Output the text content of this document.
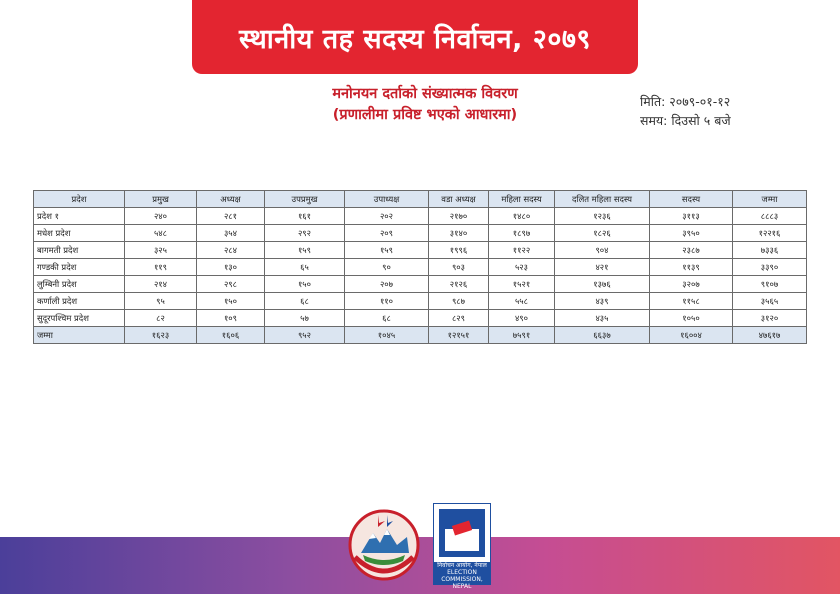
स्थानीय तह सदस्य निर्वाचन, २०७९
मनोनयन दर्ताको संख्यात्मक विवरण
(प्रणालीमा प्रविष्ट भएको आधारमा)
मिति: २०७९-०१-१२
समय: दिउसो ५ बजे
प्रदेश	प्रमुख	अध्यक्ष	उपप्रमुख	उपाध्यक्ष	वडा अध्यक्ष	महिला सदस्य	दलित महिला सदस्य	सदस्य	जम्मा
प्रदेश १	२४०	२८१	१६१	२०२	२१७०	१४८०	१२३६	३११३	८८८३
मधेश प्रदेश	५४८	३५४	२९२	२०९	३१४०	१८९७	१८२६	३९५०	१२२१६
बागमती प्रदेश	३२५	२८४	१५९	१५९	१९९६	११२२	९०४	२३८७	७३३६
गण्डकी प्रदेश	११९	१३०	६५	९०	९०३	५२३	४२१	११३९	३३९०
लुम्बिनी प्रदेश	२१४	२९८	१५०	२०७	२१२६	१५२१	१३७६	३२०७	९१०७
कर्णाली प्रदेश	९५	१५०	६८	११०	९८७	५५८	४३९	११५८	३५६५
सुदूरपश्चिम प्रदेश	८२	१०९	५७	६८	८२९	४९०	४३५	१०५०	३१२०
जम्मा	१६२३	१६०६	९५२	१०४५	१२१५१	७५९१	६६३७	१६००४	४७६१७
निर्वाचन आयोग, नेपाल
ELECTION COMMISSION, NEPAL
